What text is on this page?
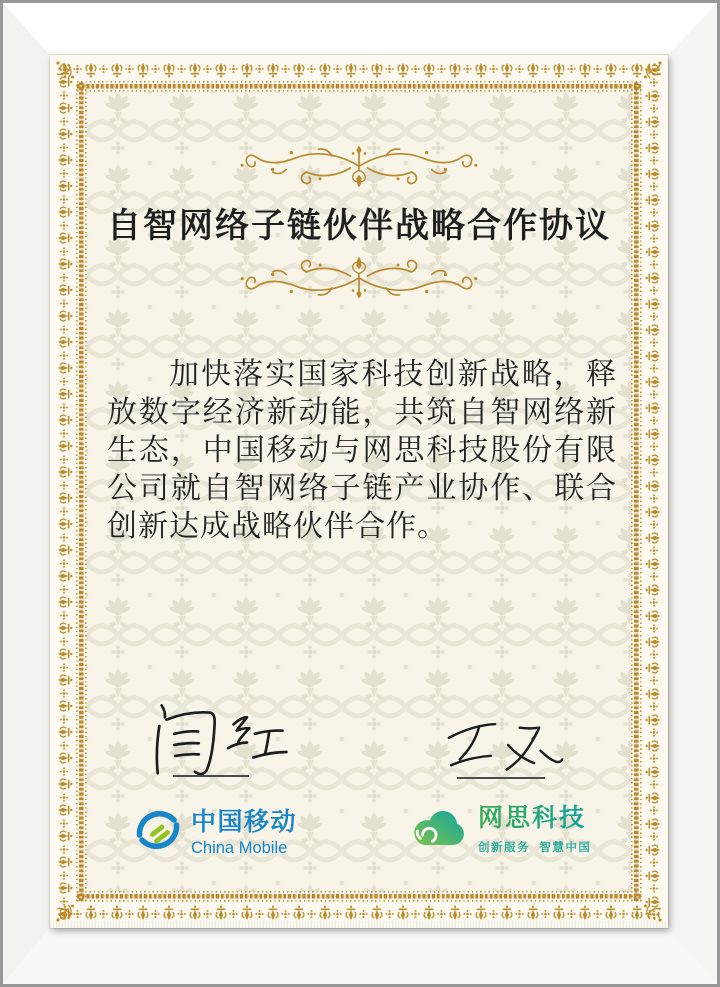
自智网络子链伙伴战略合作协议
加快落实国家科技创新战略，释放数字经济新动能，共筑自智网络新生态，中国移动与网思科技股份有限公司就自智网络子链产业协作、联合创新达成战略伙伴合作。
中国移动
China Mobile
网思科技
创新服务  智慧中国
